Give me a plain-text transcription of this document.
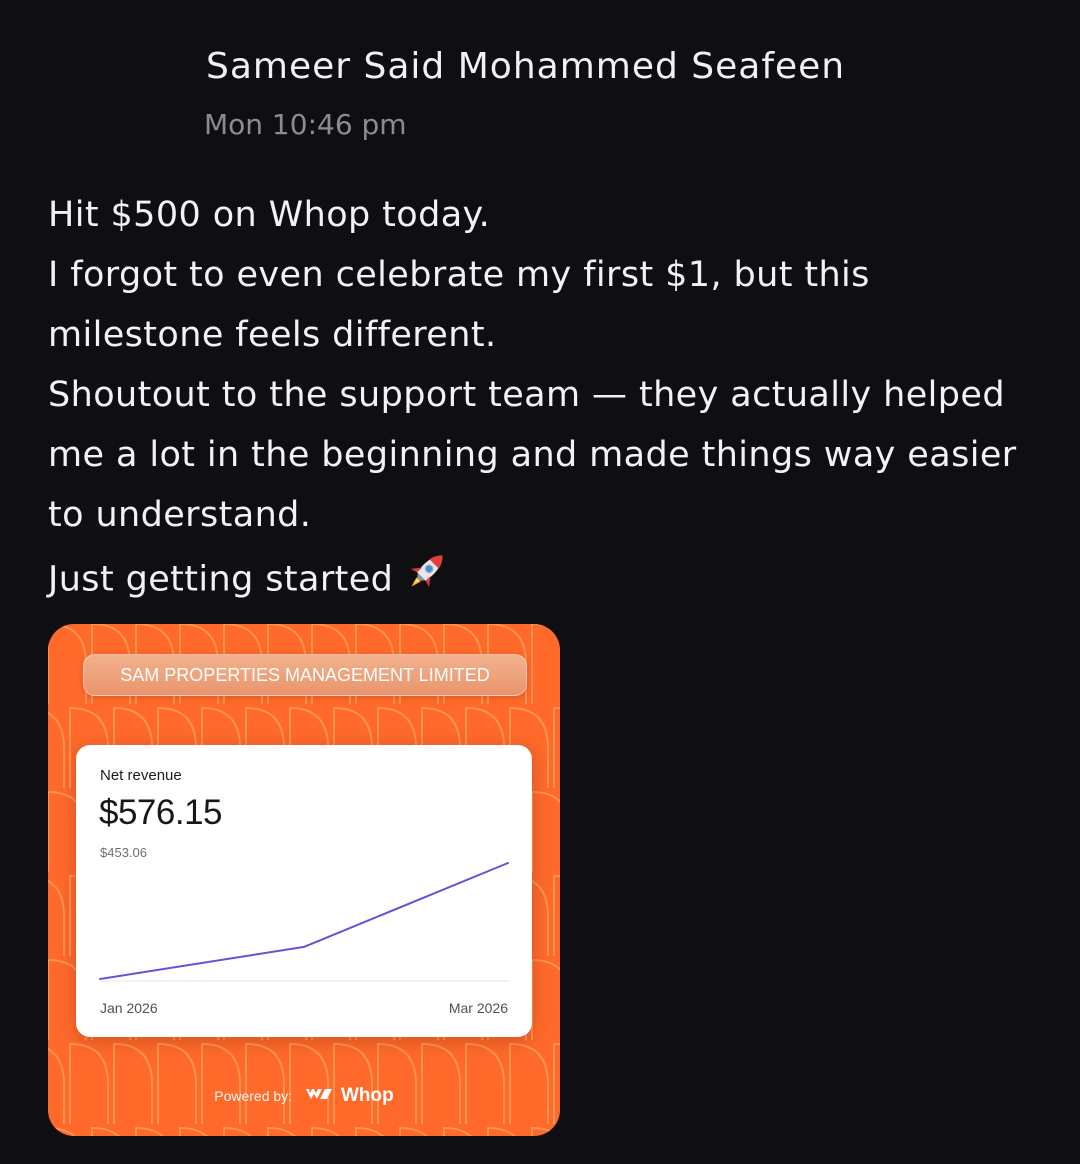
Sameer Said Mohammed Seafeen
Mon 10:46 pm
Hit $500 on Whop today.
I forgot to even celebrate my first $1, but this
milestone feels different.
Shoutout to the support team — they actually helped
me a lot in the beginning and made things way easier
to understand.
Just getting started
SAM PROPERTIES MANAGEMENT LIMITED
Net revenue
$576.15
$453.06
Jan 2026	Mar 2026
Powered by:	Whop
